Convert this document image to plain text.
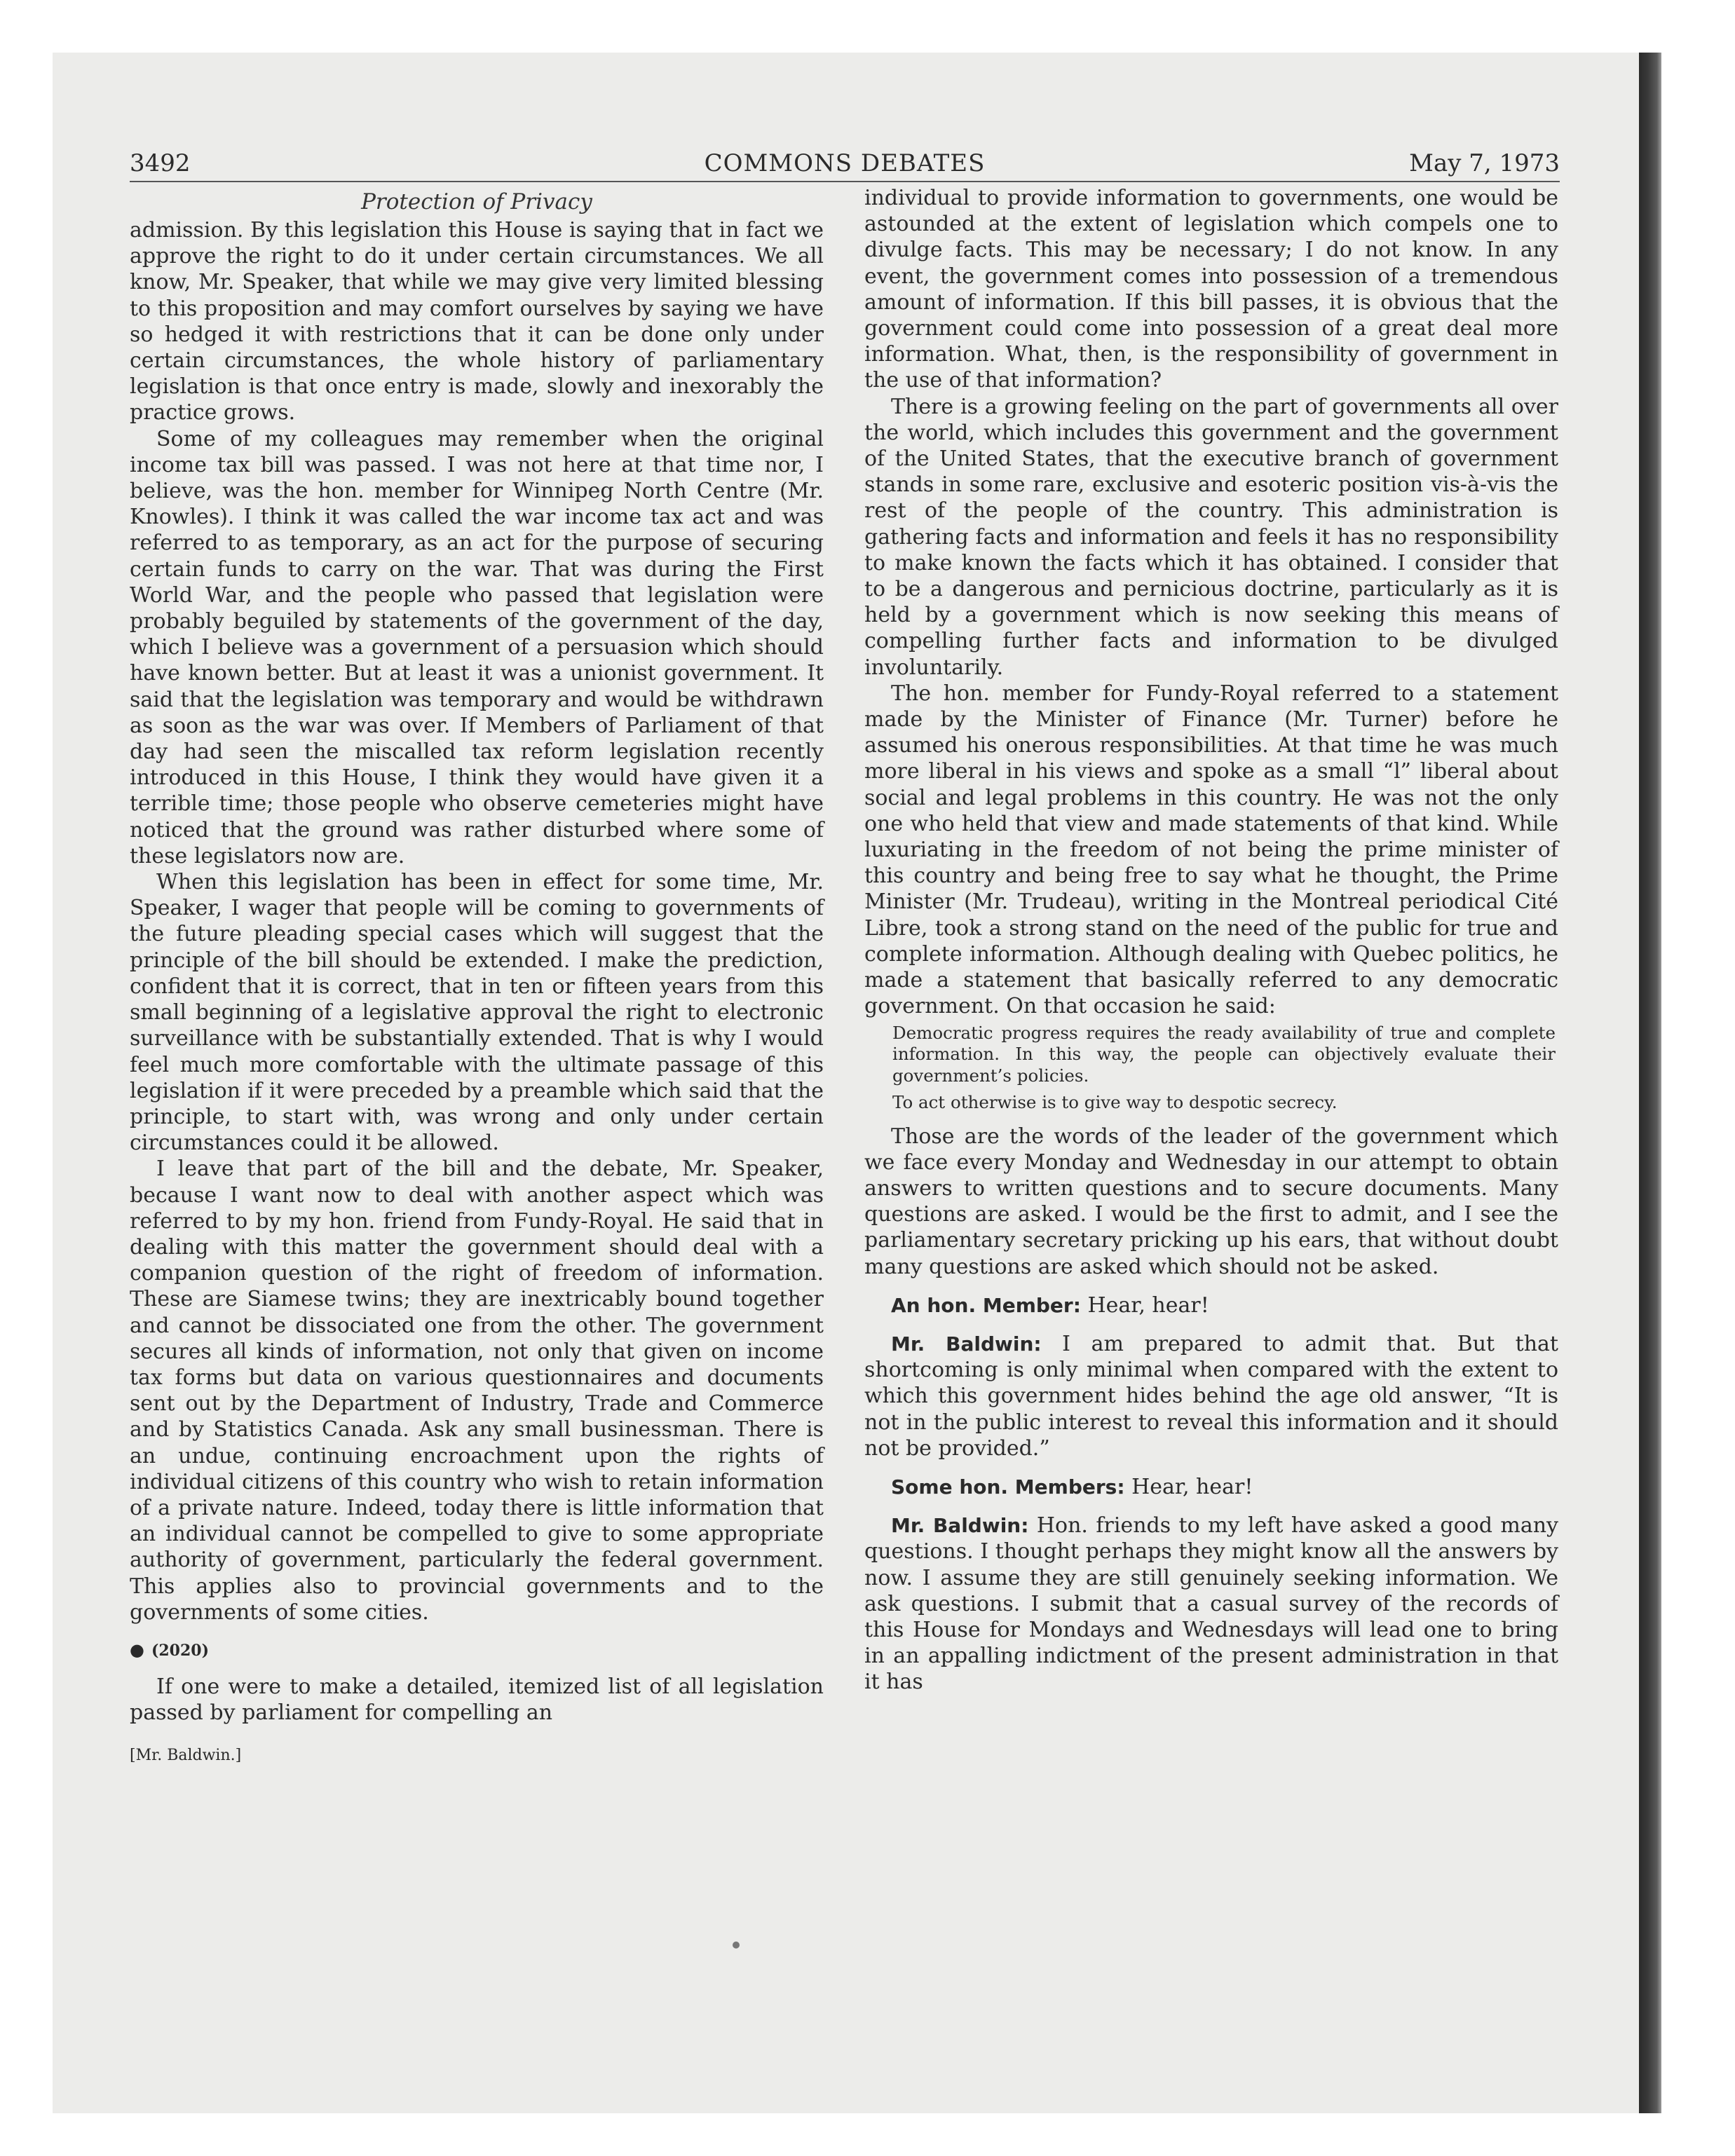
3492	COMMONS DEBATES	May 7, 1973
Protection of Privacy

admission. By this legislation this House is saying that in fact we approve the right to do it under certain circumstances. We all know, Mr. Speaker, that while we may give very limited blessing to this proposition and may comfort ourselves by saying we have so hedged it with restrictions that it can be done only under certain circumstances, the whole history of parliamentary legislation is that once entry is made, slowly and inexorably the practice grows.

Some of my colleagues may remember when the original income tax bill was passed. I was not here at that time nor, I believe, was the hon. member for Winnipeg North Centre (Mr. Knowles). I think it was called the war income tax act and was referred to as temporary, as an act for the purpose of securing certain funds to carry on the war. That was during the First World War, and the people who passed that legislation were probably beguiled by statements of the government of the day, which I believe was a government of a persuasion which should have known better. But at least it was a unionist government. It said that the legislation was temporary and would be withdrawn as soon as the war was over. If Members of Parliament of that day had seen the miscalled tax reform legislation recently introduced in this House, I think they would have given it a terrible time; those people who observe cemeteries might have noticed that the ground was rather disturbed where some of these legislators now are.

When this legislation has been in effect for some time, Mr. Speaker, I wager that people will be coming to governments of the future pleading special cases which will suggest that the principle of the bill should be extended. I make the prediction, confident that it is correct, that in ten or fifteen years from this small beginning of a legislative approval the right to electronic surveillance with be substantially extended. That is why I would feel much more comfortable with the ultimate passage of this legislation if it were preceded by a preamble which said that the principle, to start with, was wrong and only under certain circumstances could it be allowed.

I leave that part of the bill and the debate, Mr. Speaker, because I want now to deal with another aspect which was referred to by my hon. friend from Fundy-Royal. He said that in dealing with this matter the government should deal with a companion question of the right of freedom of information. These are Siamese twins; they are inextricably bound together and cannot be dissociated one from the other. The government secures all kinds of information, not only that given on income tax forms but data on various questionnaires and documents sent out by the Department of Industry, Trade and Commerce and by Statistics Canada. Ask any small businessman. There is an undue, continuing encroachment upon the rights of individual citizens of this country who wish to retain information of a private nature. Indeed, today there is little information that an individual cannot be compelled to give to some appropriate authority of government, particularly the federal government. This applies also to provincial governments and to the governments of some cities.

● (2020)

If one were to make a detailed, itemized list of all legislation passed by parliament for compelling an

[Mr. Baldwin.]

individual to provide information to governments, one would be astounded at the extent of legislation which compels one to divulge facts. This may be necessary; I do not know. In any event, the government comes into possession of a tremendous amount of information. If this bill passes, it is obvious that the government could come into possession of a great deal more information. What, then, is the responsibility of government in the use of that information?

There is a growing feeling on the part of governments all over the world, which includes this government and the government of the United States, that the executive branch of government stands in some rare, exclusive and esoteric position vis-à-vis the rest of the people of the country. This administration is gathering facts and information and feels it has no responsibility to make known the facts which it has obtained. I consider that to be a dangerous and pernicious doctrine, particularly as it is held by a government which is now seeking this means of compelling further facts and information to be divulged involuntarily.

The hon. member for Fundy-Royal referred to a statement made by the Minister of Finance (Mr. Turner) before he assumed his onerous responsibilities. At that time he was much more liberal in his views and spoke as a small “l” liberal about social and legal problems in this country. He was not the only one who held that view and made statements of that kind. While luxuriating in the freedom of not being the prime minister of this country and being free to say what he thought, the Prime Minister (Mr. Trudeau), writing in the Montreal periodical Cité Libre, took a strong stand on the need of the public for true and complete information. Although dealing with Quebec politics, he made a statement that basically referred to any democratic government. On that occasion he said:

Democratic progress requires the ready availability of true and complete information. In this way, the people can objectively evaluate their government’s policies.

To act otherwise is to give way to despotic secrecy.

Those are the words of the leader of the government which we face every Monday and Wednesday in our attempt to obtain answers to written questions and to secure documents. Many questions are asked. I would be the first to admit, and I see the parliamentary secretary pricking up his ears, that without doubt many questions are asked which should not be asked.

An hon. Member: Hear, hear!

Mr. Baldwin: I am prepared to admit that. But that shortcoming is only minimal when compared with the extent to which this government hides behind the age old answer, “It is not in the public interest to reveal this information and it should not be provided.”

Some hon. Members: Hear, hear!

Mr. Baldwin: Hon. friends to my left have asked a good many questions. I thought perhaps they might know all the answers by now. I assume they are still genuinely seeking information. We ask questions. I submit that a casual survey of the records of this House for Mondays and Wednesdays will lead one to bring in an appalling indictment of the present administration in that it has
